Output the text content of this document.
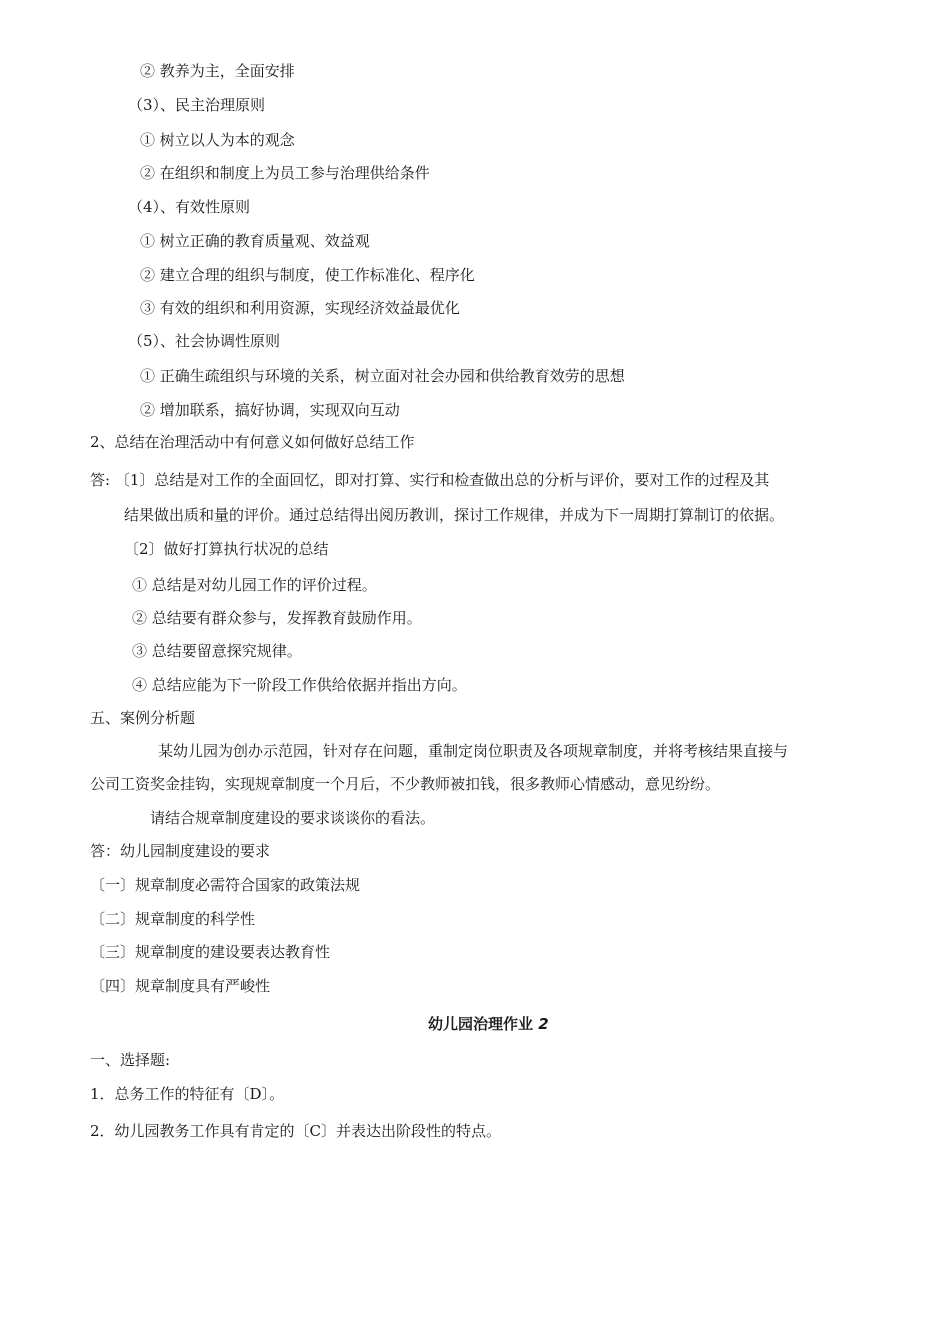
② 教养为主，全面安排
（3）、民主治理原则
① 树立以人为本的观念
② 在组织和制度上为员工参与治理供给条件
（4）、有效性原则
① 树立正确的教育质量观、效益观
② 建立合理的组织与制度，使工作标准化、程序化
③ 有效的组织和利用资源，实现经济效益最优化
（5）、社会协调性原则
① 正确生疏组织与环境的关系，树立面对社会办园和供给教育效劳的思想
② 增加联系，搞好协调，实现双向互动
2、总结在治理活动中有何意义如何做好总结工作
答: 〔1〕总结是对工作的全面回忆，即对打算、实行和检查做出总的分析与评价，要对工作的过程及其
结果做出质和量的评价。通过总结得出阅历教训，探讨工作规律，并成为下一周期打算制订的依据。
〔2〕做好打算执行状况的总结
① 总结是对幼儿园工作的评价过程。
② 总结要有群众参与，发挥教育鼓励作用。
③ 总结要留意探究规律。
④ 总结应能为下一阶段工作供给依据并指出方向。
五、案例分析题
某幼儿园为创办示范园，针对存在问题，重制定岗位职责及各项规章制度，并将考核结果直接与
公司工资奖金挂钩，实现规章制度一个月后，不少教师被扣钱，很多教师心情感动，意见纷纷。
请结合规章制度建设的要求谈谈你的看法。
答：幼儿园制度建设的要求
〔一〕规章制度必需符合国家的政策法规
〔二〕规章制度的科学性
〔三〕规章制度的建设要表达教育性
〔四〕规章制度具有严峻性
幼儿园治理作业 2
一、选择题:
1．总务工作的特征有〔D〕。
2．幼儿园教务工作具有肯定的〔C〕并表达出阶段性的特点。
